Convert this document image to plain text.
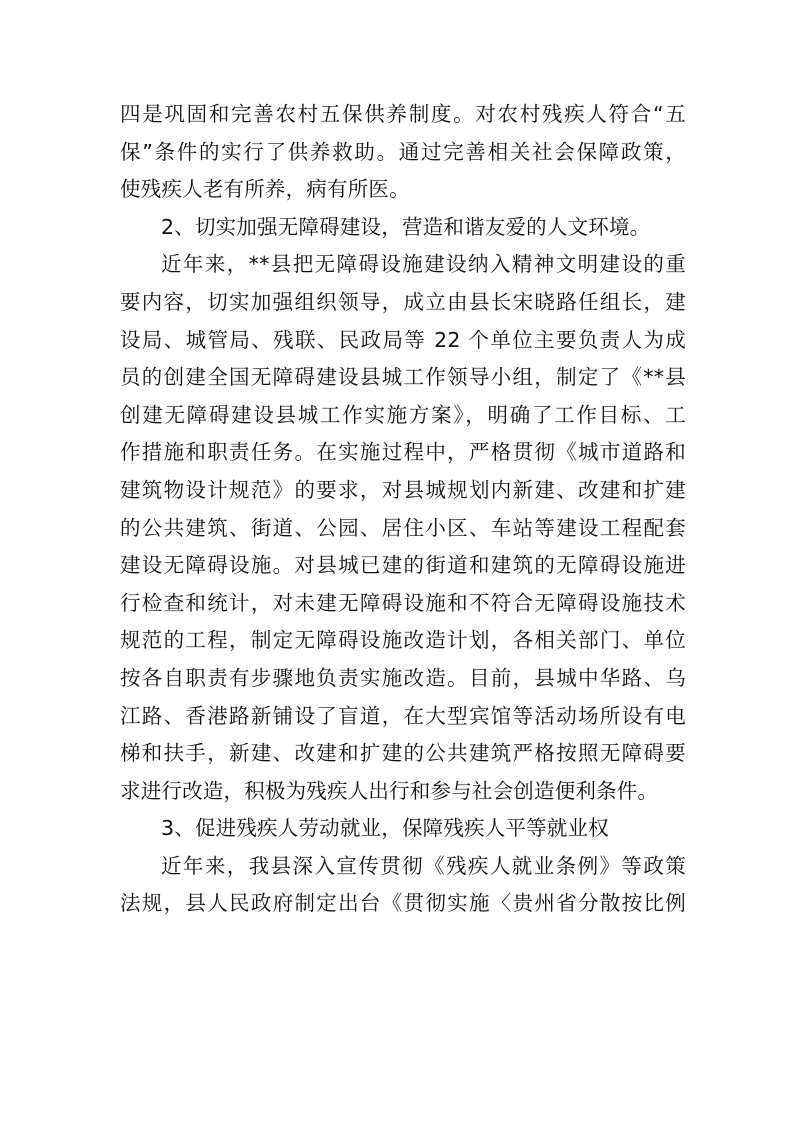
四是巩固和完善农村五保供养制度。对农村残疾人符合“五
保”条件的实行了供养救助。通过完善相关社会保障政策，
使残疾人老有所养，病有所医。
2、切实加强无障碍建设，营造和谐友爱的人文环境。
近年来，**县把无障碍设施建设纳入精神文明建设的重
要内容，切实加强组织领导，成立由县长宋晓路任组长，建
设局、城管局、残联、民政局等 22 个单位主要负责人为成
员的创建全国无障碍建设县城工作领导小组，制定了《**县
创建无障碍建设县城工作实施方案》，明确了工作目标、工
作措施和职责任务。在实施过程中，严格贯彻《城市道路和
建筑物设计规范》的要求，对县城规划内新建、改建和扩建
的公共建筑、街道、公园、居住小区、车站等建设工程配套
建设无障碍设施。对县城已建的街道和建筑的无障碍设施进
行检查和统计，对未建无障碍设施和不符合无障碍设施技术
规范的工程，制定无障碍设施改造计划，各相关部门、单位
按各自职责有步骤地负责实施改造。目前，县城中华路、乌
江路、香港路新铺设了盲道，在大型宾馆等活动场所设有电
梯和扶手，新建、改建和扩建的公共建筑严格按照无障碍要
求进行改造，积极为残疾人出行和参与社会创造便利条件。
3、促进残疾人劳动就业，保障残疾人平等就业权
近年来，我县深入宣传贯彻《残疾人就业条例》等政策
法规，县人民政府制定出台《贯彻实施〈贵州省分散按比例
